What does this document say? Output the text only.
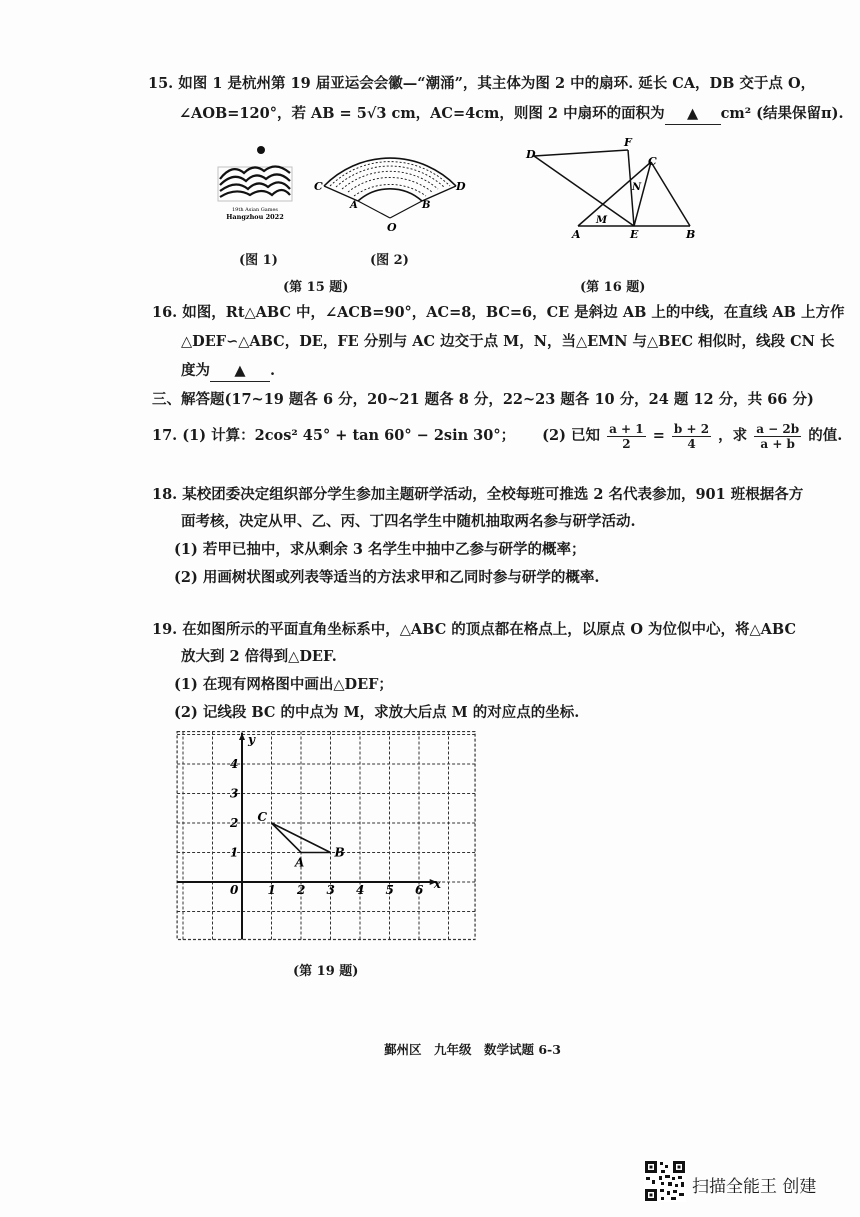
15. 如图 1 是杭州第 19 届亚运会会徽—“潮涌”，其主体为图 2 中的扇环. 延长 CA，DB 交于点 O，
∠AOB=120°，若 AB = 5√3 cm，AC=4cm，则图 2 中扇环的面积为 ▲ cm² (结果保留π).
19th Asian Games
Hangzhou 2022
(图 1)
C	D
A	B
O
(图 2)
(第 15 题)
D
F
C
N
M
A	E	B
(第 16 题)
16. 如图，Rt△ABC 中，∠ACB=90°，AC=8，BC=6，CE 是斜边 AB 上的中线，在直线 AB 上方作
△DEF∽△ABC，DE，FE 分别与 AC 边交于点 M，N，当△EMN 与△BEC 相似时，线段 CN 长
度为 ▲ .
三、解答题(17~19 题各 6 分，20~21 题各 8 分，22~23 题各 10 分，24 题 12 分，共 66 分)
17. (1) 计算：2cos² 45° + tan 60° − 2sin 30°； (2) 已知 $\frac{a + 1}{2} = \frac{b + 2}{4}$ ，求 $\frac{a - 2b}{a + b}$ 的值.
18. 某校团委决定组织部分学生参加主题研学活动，全校每班可推选 2 名代表参加，901 班根据各方
面考核，决定从甲、乙、丙、丁四名学生中随机抽取两名参与研学活动.
(1) 若甲已抽中，求从剩余 3 名学生中抽中乙参与研学的概率；
(2) 用画树状图或列表等适当的方法求甲和乙同时参与研学的概率.
19. 在如图所示的平面直角坐标系中，△ABC 的顶点都在格点上，以原点 O 为位似中心，将△ABC
放大到 2 倍得到△DEF.
(1) 在现有网格图中画出△DEF；
(2) 记线段 BC 的中点为 M，求放大后点 M 的对应点的坐标.
x
y
0 1 2 3 4 5 6
1
2
3
4
A
B
C
(第 19 题)
鄞州区　九年级　数学试题 6-3
扫描全能王 创建
